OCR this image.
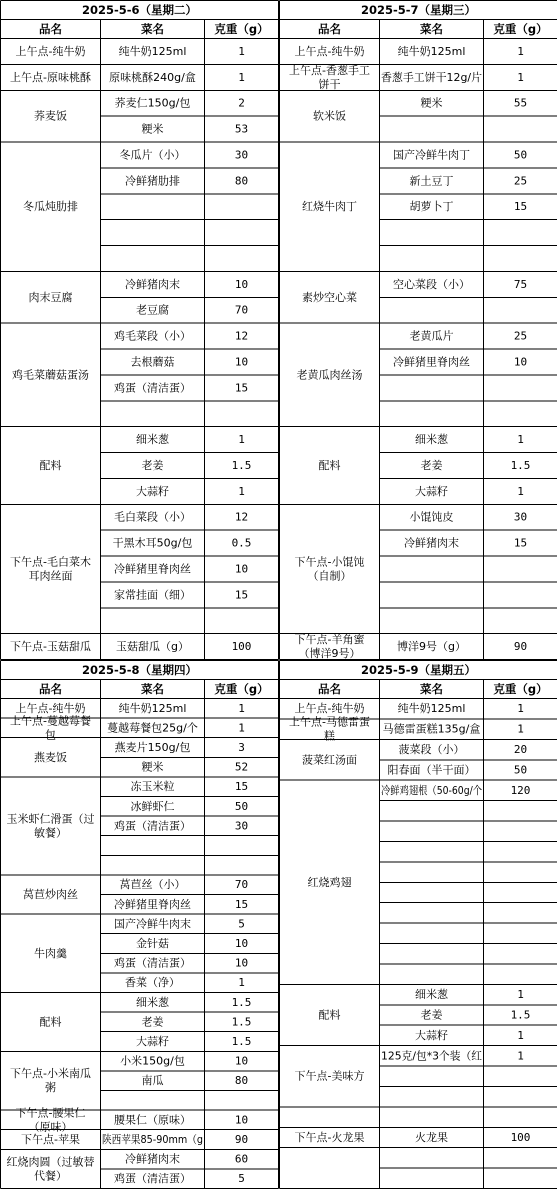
2025-5-6（星期二）
品名	菜名	克重（g）
上午点-纯牛奶	纯牛奶125ml	1
上午点-原味桃酥 原味桃酥240g/盒	1
荞麦饭
荞麦仁150g/包	2
粳米	53
冬瓜炖肋排
冬瓜片（小）	30
冷鲜猪肋排	80
肉末豆腐
冷鲜猪肉末	10
老豆腐	70
鸡毛菜蘑菇蛋汤
鸡毛菜段（小）	12
去根蘑菇	10
鸡蛋（清洁蛋）	15
配料
细米葱	1
老姜	1.5
大蒜籽	1
下午点-毛白菜木
耳肉丝面
毛白菜段（小）	12
干黑木耳50g/包	0.5
冷鲜猪里脊肉丝	10
家常挂面（细）	15
下午点-玉菇甜瓜 玉菇甜瓜（g）	100
2025-5-7（星期三）
品名	菜名	克重（g）
上午点-纯牛奶	纯牛奶125ml	1
上午点-香葱手工
饼干
香葱手工饼干12g/片	1
软米饭
粳米	55
红烧牛肉丁
国产冷鲜牛肉丁	50
新土豆丁	25
胡萝卜丁	15
素炒空心菜
空心菜段（小）	75
老黄瓜肉丝汤
老黄瓜片	25
冷鲜猪里脊肉丝	10
配料
细米葱	1
老姜	1.5
大蒜籽	1
下午点-小馄饨
（自制）
小馄饨皮	30
冷鲜猪肉末	15
下午点-羊角蜜
（博洋9号）
博洋9号（g）	90
2025-5-8（星期四）
品名	菜名	克重（g）
上午点-纯牛奶	纯牛奶125ml	1
上午点-蔓越莓餐
包
蔓越莓餐包25g/个	1
燕麦饭
燕麦片150g/包	3
粳米	52
玉米虾仁滑蛋（过
敏餐）
冻玉米粒	15
冰鲜虾仁	50
鸡蛋（清洁蛋）	30
莴苣炒肉丝
莴苣丝（小）	70
冷鲜猪里脊肉丝	15
牛肉羹
国产冷鲜牛肉末	5
金针菇	10
鸡蛋（清洁蛋）	10
香菜（净）	1
配料
细米葱	1.5
老姜	1.5
大蒜籽	1.5
下午点-小米南瓜
粥
小米150g/包	10
南瓜	80
下午点-腰果仁
（原味）
腰果仁（原味）	10
下午点-苹果 陕西苹果85-90mm（g 90
红烧肉圆（过敏替
代餐）
冷鲜猪肉末	60
鸡蛋（清洁蛋）	5
2025-5-9（星期五）
品名	菜名	克重（g）
上午点-纯牛奶	纯牛奶125ml	1
上午点-马德雷蛋
糕
马德雷蛋糕135g/盒	1
菠菜红汤面
菠菜段（小）	20
阳春面（半干面）	50
红烧鸡翅
冷鲜鸡翅根（50-60g/个 120
配料
细米葱	1
老姜	1.5
大蒜籽	1
下午点-美味方
125克/包*3个装（红	1
下午点-火龙果	火龙果	100
